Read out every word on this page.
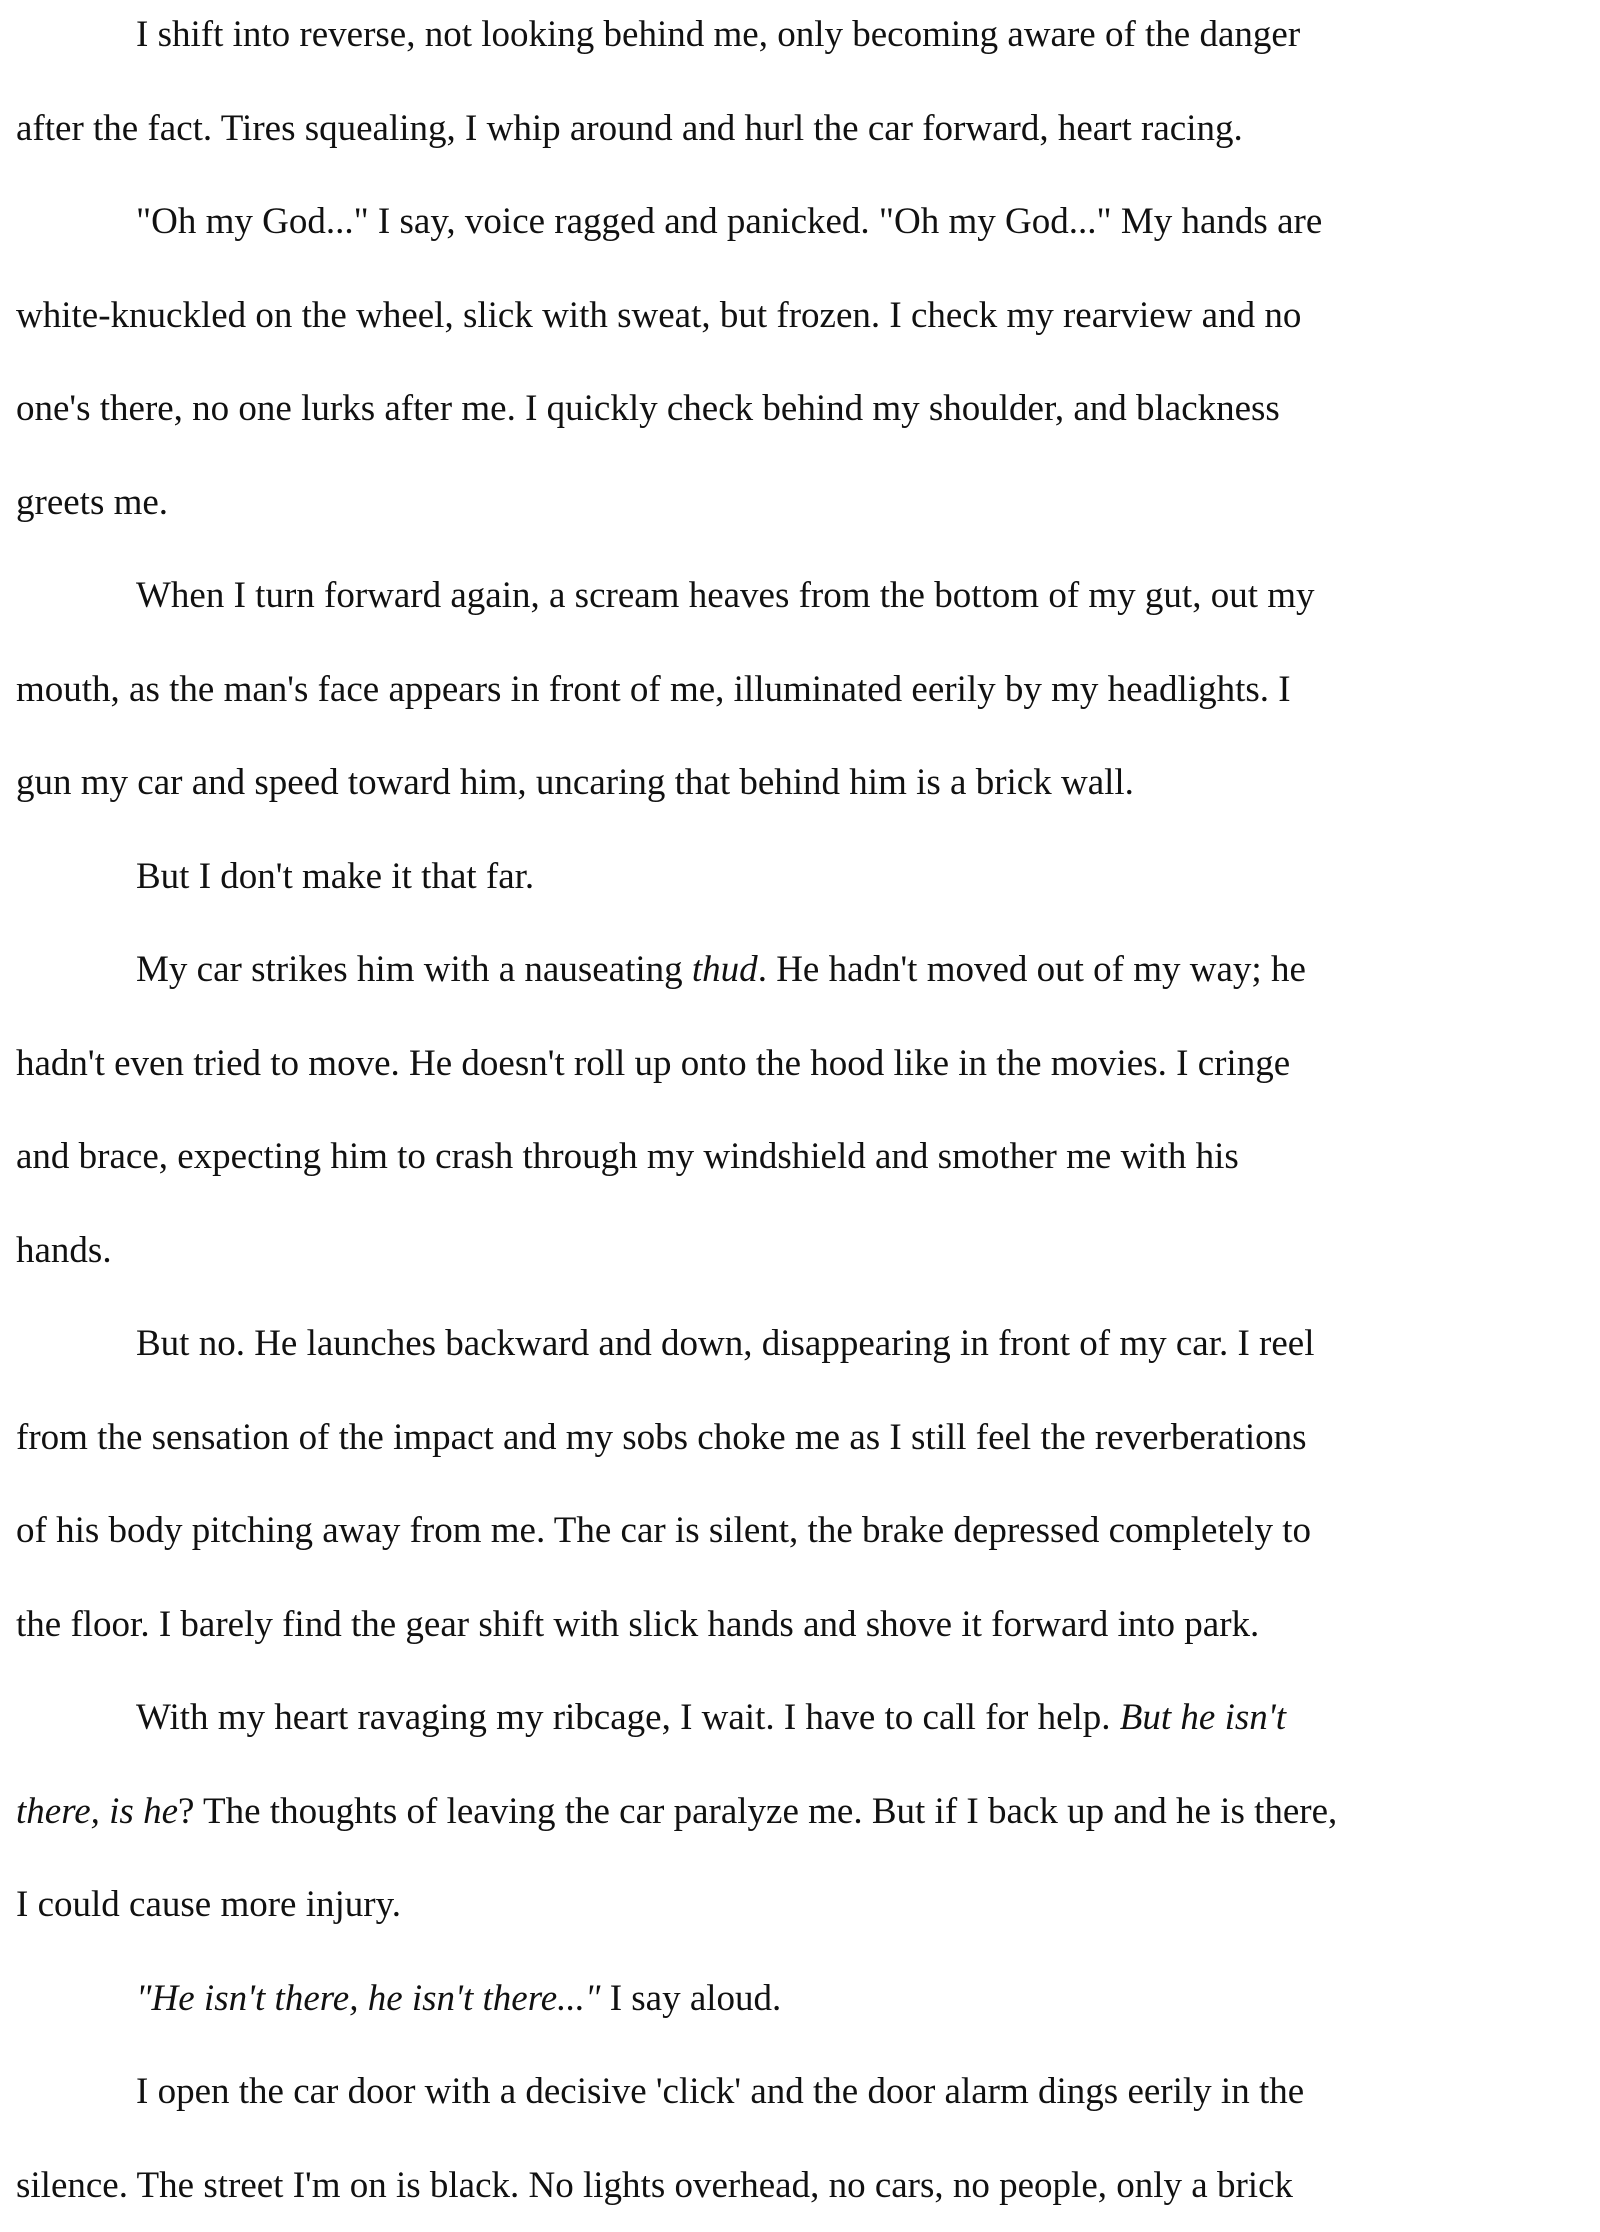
I shift into reverse, not looking behind me, only becoming aware of the danger
after the fact. Tires squealing, I whip around and hurl the car forward, heart racing.
"Oh my God..." I say, voice ragged and panicked. "Oh my God..." My hands are
white-knuckled on the wheel, slick with sweat, but frozen. I check my rearview and no
one's there, no one lurks after me. I quickly check behind my shoulder, and blackness
greets me.
When I turn forward again, a scream heaves from the bottom of my gut, out my
mouth, as the man's face appears in front of me, illuminated eerily by my headlights. I
gun my car and speed toward him, uncaring that behind him is a brick wall.
But I don't make it that far.
My car strikes him with a nauseating thud. He hadn't moved out of my way; he
hadn't even tried to move. He doesn't roll up onto the hood like in the movies. I cringe
and brace, expecting him to crash through my windshield and smother me with his
hands.
But no. He launches backward and down, disappearing in front of my car. I reel
from the sensation of the impact and my sobs choke me as I still feel the reverberations
of his body pitching away from me. The car is silent, the brake depressed completely to
the floor. I barely find the gear shift with slick hands and shove it forward into park.
With my heart ravaging my ribcage, I wait. I have to call for help. But he isn't
there, is he? The thoughts of leaving the car paralyze me. But if I back up and he is there,
I could cause more injury.
"He isn't there, he isn't there..." I say aloud.
I open the car door with a decisive 'click' and the door alarm dings eerily in the
silence. The street I'm on is black. No lights overhead, no cars, no people, only a brick
